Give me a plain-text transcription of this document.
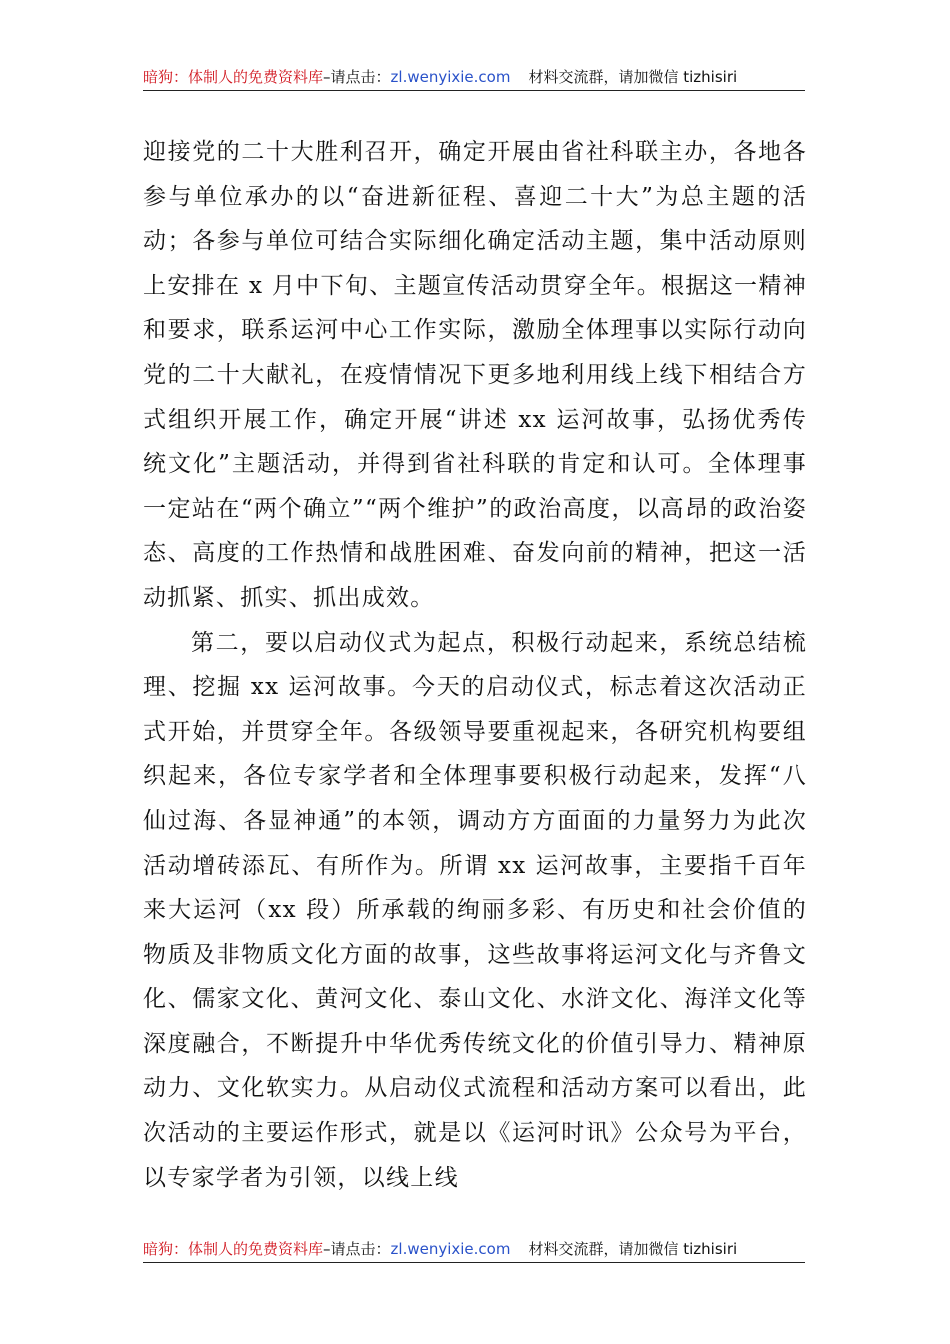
暗狗：体制人的免费资料库 –请点击： zl.wenyixie.com 材料交流群，请加微信 tizhisiri

迎接党的二十大胜利召开，确定开展由省社科联主办，各地各参与单位承办的以“奋进新征程、喜迎二十大”为总主题的活动；各参与单位可结合实际细化确定活动主题，集中活动原则上安排在 x 月中下旬、主题宣传活动贯穿全年。根据这一精神和要求，联系运河中心工作实际，激励全体理事以实际行动向党的二十大献礼，在疫情情况下更多地利用线上线下相结合方式组织开展工作，确定开展“讲述 xx 运河故事，弘扬优秀传统文化”主题活动，并得到省社科联的肯定和认可。全体理事一定站在“两个确立”“两个维护”的政治高度，以高昂的政治姿态、高度的工作热情和战胜困难、奋发向前的精神，把这一活动抓紧、抓实、抓出成效。

第二，要以启动仪式为起点，积极行动起来，系统总结梳理、挖掘 xx 运河故事。今天的启动仪式，标志着这次活动正式开始，并贯穿全年。各级领导要重视起来，各研究机构要组织起来，各位专家学者和全体理事要积极行动起来，发挥“八仙过海、各显神通”的本领，调动方方面面的力量努力为此次活动增砖添瓦、有所作为。所谓 xx 运河故事，主要指千百年来大运河（xx 段）所承载的绚丽多彩、有历史和社会价值的物质及非物质文化方面的故事，这些故事将运河文化与齐鲁文化、儒家文化、黄河文化、泰山文化、水浒文化、海洋文化等深度融合，不断提升中华优秀传统文化的价值引导力、精神原动力、文化软实力。从启动仪式流程和活动方案可以看出，此次活动的主要运作形式，就是以《运河时讯》公众号为平台，以专家学者为引领，以线上线

暗狗：体制人的免费资料库 –请点击： zl.wenyixie.com 材料交流群，请加微信 tizhisiri
